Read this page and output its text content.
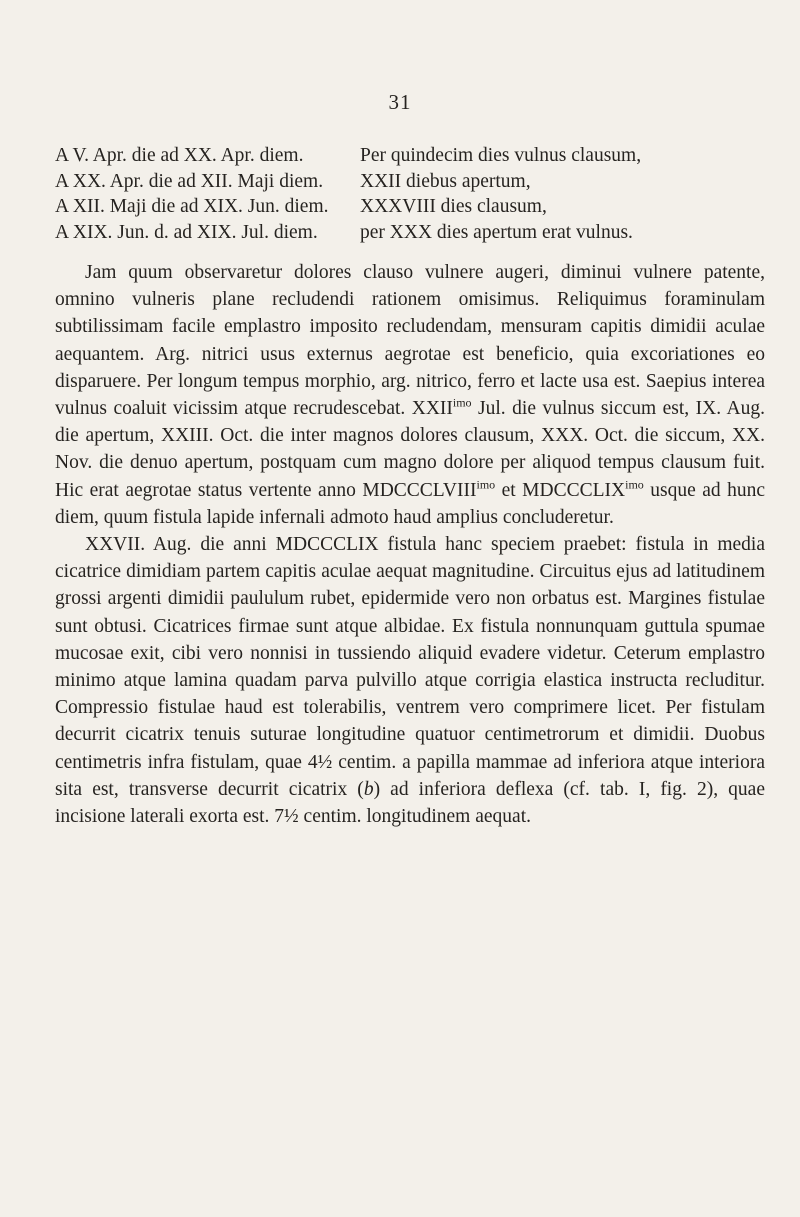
31
A V. Apr. die ad XX. Apr. diem.	Per quindecim dies vulnus clausum,
A XX. Apr. die ad XII. Maji diem.	XXII diebus apertum,
A XII. Maji die ad XIX. Jun. diem.	XXXVIII dies clausum,
A XIX. Jun. d. ad XIX. Jul. diem.	per XXX dies apertum erat vulnus.

Jam quum observaretur dolores clauso vulnere augeri, diminui vulnere patente, omnino vulneris plane recludendi rationem omisimus. Reliquimus foraminulam subtilissimam facile emplastro imposito recludendam, mensuram capitis dimidii aculae aequantem. Arg. nitrici usus externus aegrotae est beneficio, quia excoriationes eo disparuere. Per longum tempus morphio, arg. nitrico, ferro et lacte usa est. Saepius interea vulnus coaluit vicissim atque recrudescebat. $XXII^{imo}$ Jul. die vulnus siccum est, IX. Aug. die apertum, XXIII. Oct. die inter magnos dolores clausum, XXX. Oct. die siccum, XX. Nov. die denuo apertum, postquam cum magno dolore per aliquod tempus clausum fuit. Hic erat aegrotae status vertente anno $MDCCCLVIII^{imo}$ et $MDCCCLIX^{imo}$ usque ad hunc diem, quum fistula lapide infernali admoto haud amplius concluderetur.

XXVII. Aug. die anni MDCCCLIX fistula hanc speciem praebet: fistula in media cicatrice dimidiam partem capitis aculae aequat magnitudine. Circuitus ejus ad latitudinem grossi argenti dimidii paululum rubet, epidermide vero non orbatus est. Margines fistulae sunt obtusi. Cicatrices firmae sunt atque albidae. Ex fistula nonnunquam guttula spumae mucosae exit, cibi vero nonnisi in tussiendo aliquid evadere videtur. Ceterum emplastro minimo atque lamina quadam parva pulvillo atque corrigia elastica instructa recluditur. Compressio fistulae haud est tolerabilis, ventrem vero comprimere licet. Per fistulam decurrit cicatrix tenuis suturae longitudine quatuor centimetrorum et dimidii. Duobus centimetris infra fistulam, quae 4½ centim. a papilla mammae ad inferiora atque interiora sita est, transverse decurrit cicatrix (b) ad inferiora deflexa (cf. tab. I, fig. 2), quae incisione laterali exorta est. 7½ centim. longitudinem aequat.
